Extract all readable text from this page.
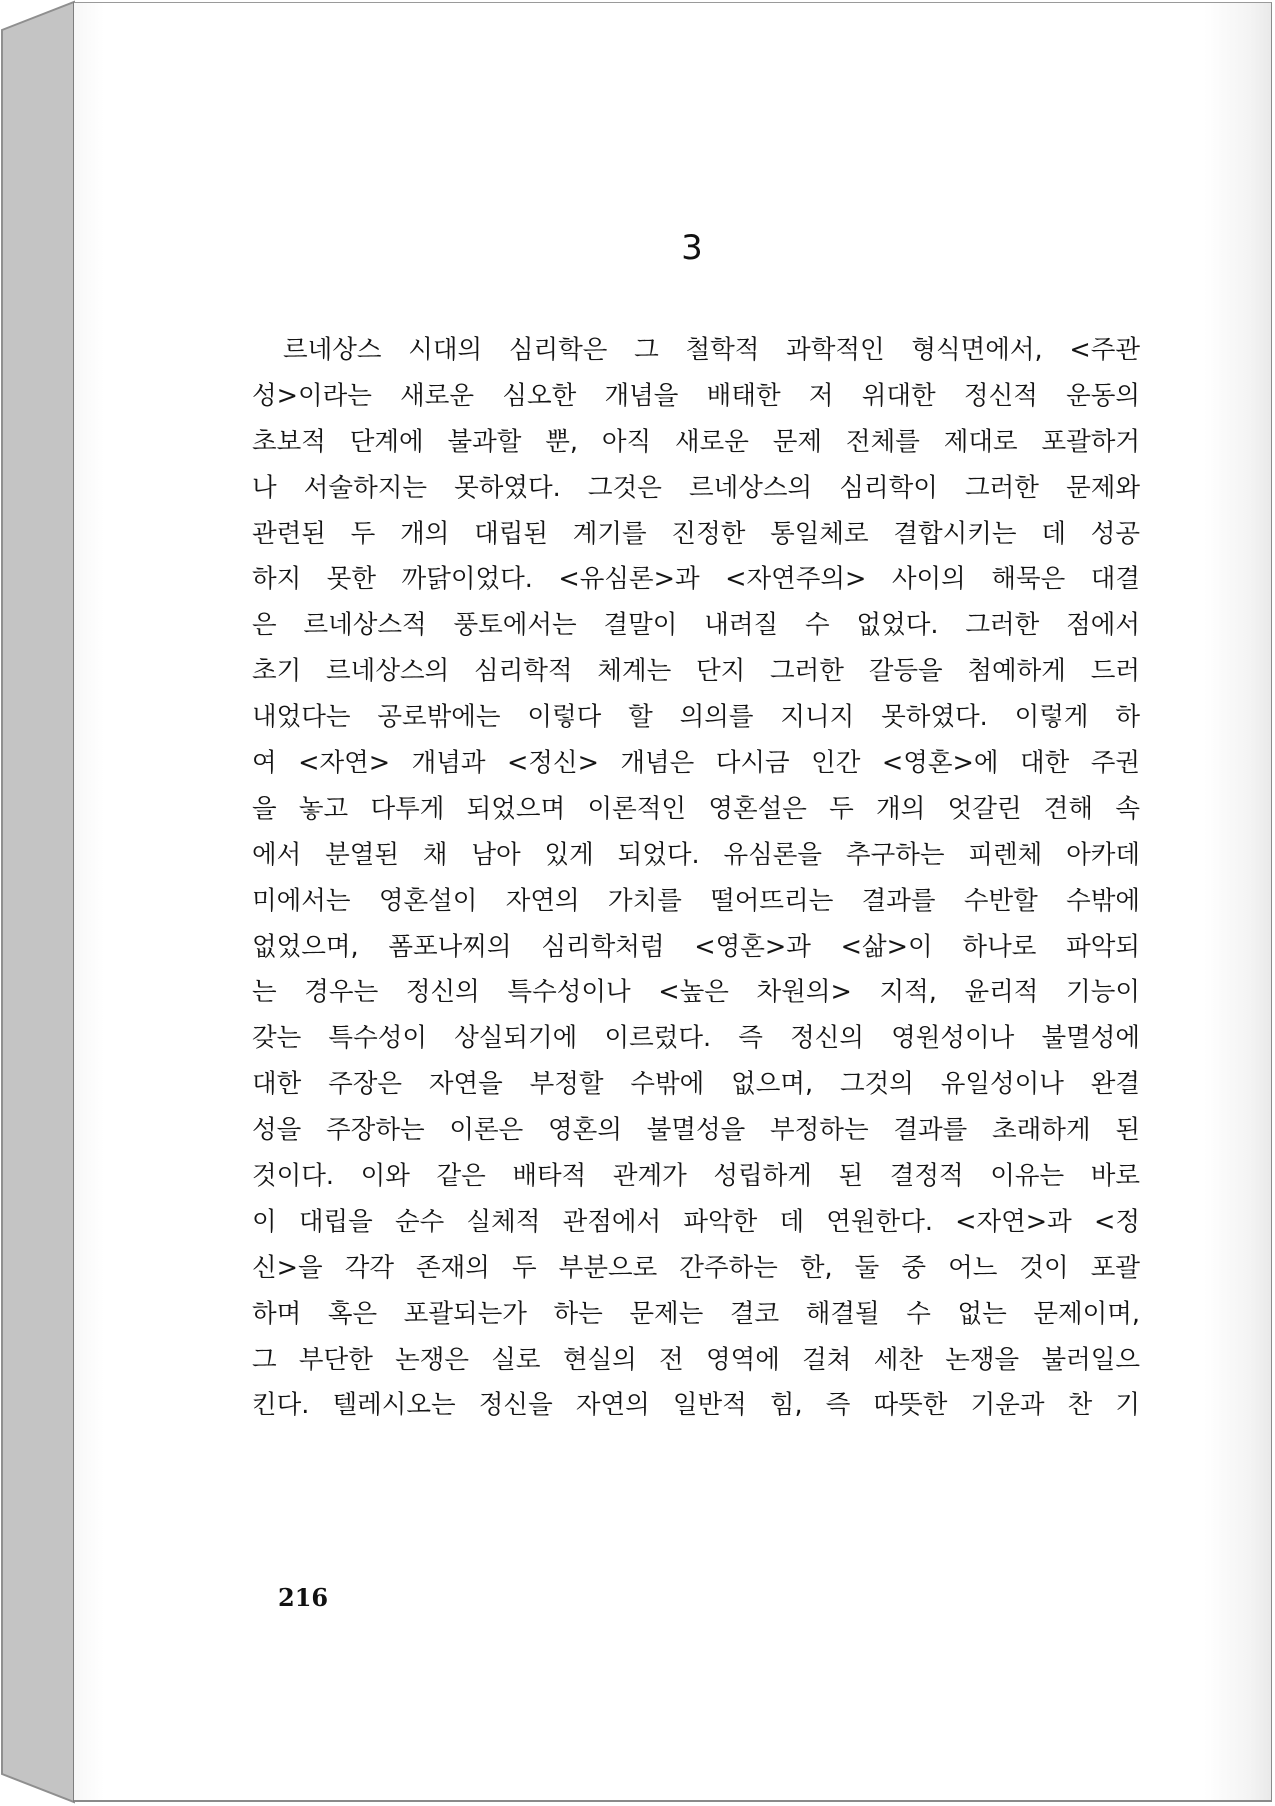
3
르네상스 시대의 심리학은 그 철학적 과학적인 형식면에서, <주관
성>이라는 새로운 심오한 개념을 배태한 저 위대한 정신적 운동의
초보적 단계에 불과할 뿐, 아직 새로운 문제 전체를 제대로 포괄하거
나 서술하지는 못하였다. 그것은 르네상스의 심리학이 그러한 문제와
관련된 두 개의 대립된 계기를 진정한 통일체로 결합시키는 데 성공
하지 못한 까닭이었다. <유심론>과 <자연주의> 사이의 해묵은 대결
은 르네상스적 풍토에서는 결말이 내려질 수 없었다. 그러한 점에서
초기 르네상스의 심리학적 체계는 단지 그러한 갈등을 첨예하게 드러
내었다는 공로밖에는 이렇다 할 의의를 지니지 못하였다. 이렇게 하
여 <자연> 개념과 <정신> 개념은 다시금 인간 <영혼>에 대한 주권
을 놓고 다투게 되었으며 이론적인 영혼설은 두 개의 엇갈린 견해 속
에서 분열된 채 남아 있게 되었다. 유심론을 추구하는 피렌체 아카데
미에서는 영혼설이 자연의 가치를 떨어뜨리는 결과를 수반할 수밖에
없었으며, 폼포나찌의 심리학처럼 <영혼>과 <삶>이 하나로 파악되
는 경우는 정신의 특수성이나 <높은 차원의> 지적, 윤리적 기능이
갖는 특수성이 상실되기에 이르렀다. 즉 정신의 영원성이나 불멸성에
대한 주장은 자연을 부정할 수밖에 없으며, 그것의 유일성이나 완결
성을 주장하는 이론은 영혼의 불멸성을 부정하는 결과를 초래하게 된
것이다. 이와 같은 배타적 관계가 성립하게 된 결정적 이유는 바로
이 대립을 순수 실체적 관점에서 파악한 데 연원한다. <자연>과 <정
신>을 각각 존재의 두 부분으로 간주하는 한, 둘 중 어느 것이 포괄
하며 혹은 포괄되는가 하는 문제는 결코 해결될 수 없는 문제이며,
그 부단한 논쟁은 실로 현실의 전 영역에 걸쳐 세찬 논쟁을 불러일으
킨다. 텔레시오는 정신을 자연의 일반적 힘, 즉 따뜻한 기운과 찬 기
216
